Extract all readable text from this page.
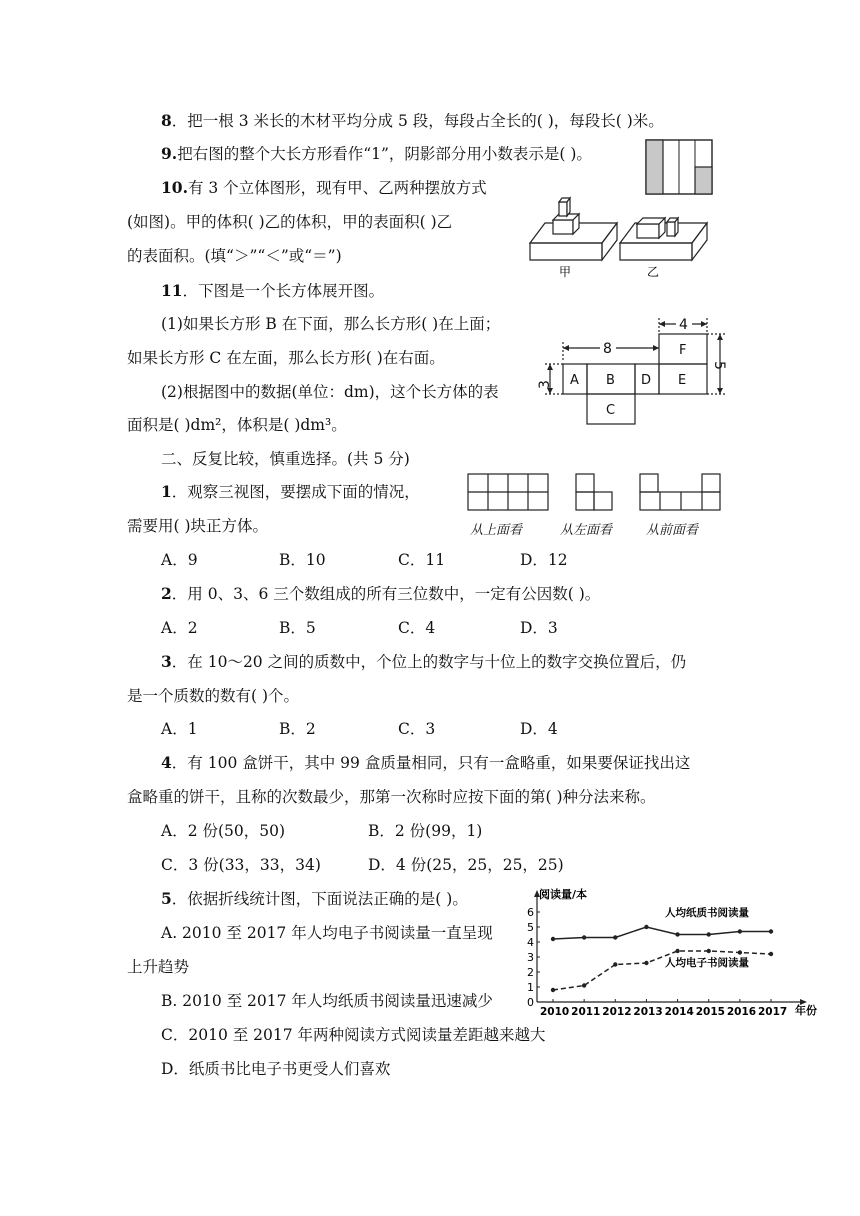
8．把一根 3 米长的木材平均分成 5 段，每段占全长的( )，每段长( )米。
9.把右图的整个大长方形看作“1”，阴影部分用小数表示是( )。
10.有 3 个立体图形，现有甲、乙两种摆放方式
(如图)。甲的体积( )乙的体积，甲的表面积( )乙
的表面积。(填“＞”“＜”或“＝”)
甲	乙
11．下图是一个长方体展开图。
(1)如果长方形 B 在下面，那么长方形( )在上面；
如果长方形 C 在左面，那么长方形( )在右面。
(2)根据图中的数据(单位：dm)，这个长方体的表
面积是( )dm²，体积是( )dm³。
A B D E
F
C
8
4
3
5
二、反复比较，慎重选择。(共 5 分)
1．观察三视图，要摆成下面的情况，
需要用( )块正方体。	从上面看	从左面看	从前面看
A．9	B．10	C．11	D．12
2．用 0、3、6 三个数组成的所有三位数中，一定有公因数( )。
A．2	B．5	C．4	D．3
3．在 10～20 之间的质数中，个位上的数字与十位上的数字交换位置后，仍
是一个质数的数有( )个。
A．1	B．2	C．3	D．4
4．有 100 盒饼干，其中 99 盒质量相同，只有一盒略重，如果要保证找出这
盒略重的饼干，且称的次数最少，那第一次称时应按下面的第( )种分法来称。
A．2 份(50，50)	B．2 份(99，1)
C．3 份(33，33，34)	D．4 份(25，25，25，25)
5．依据折线统计图，下面说法正确的是( )。
A. 2010 至 2017 年人均电子书阅读量一直呈现
上升趋势
B. 2010 至 2017 年人均纸质书阅读量迅速减少
C．2010 至 2017 年两种阅读方式阅读量差距越来越大
D．纸质书比电子书更受人们喜欢
阅读量/本
年份
0
1
2
3
4
5
6
2010 2011 2012 2013 2014 2015 2016 2017
人均纸质书阅读量
人均电子书阅读量
